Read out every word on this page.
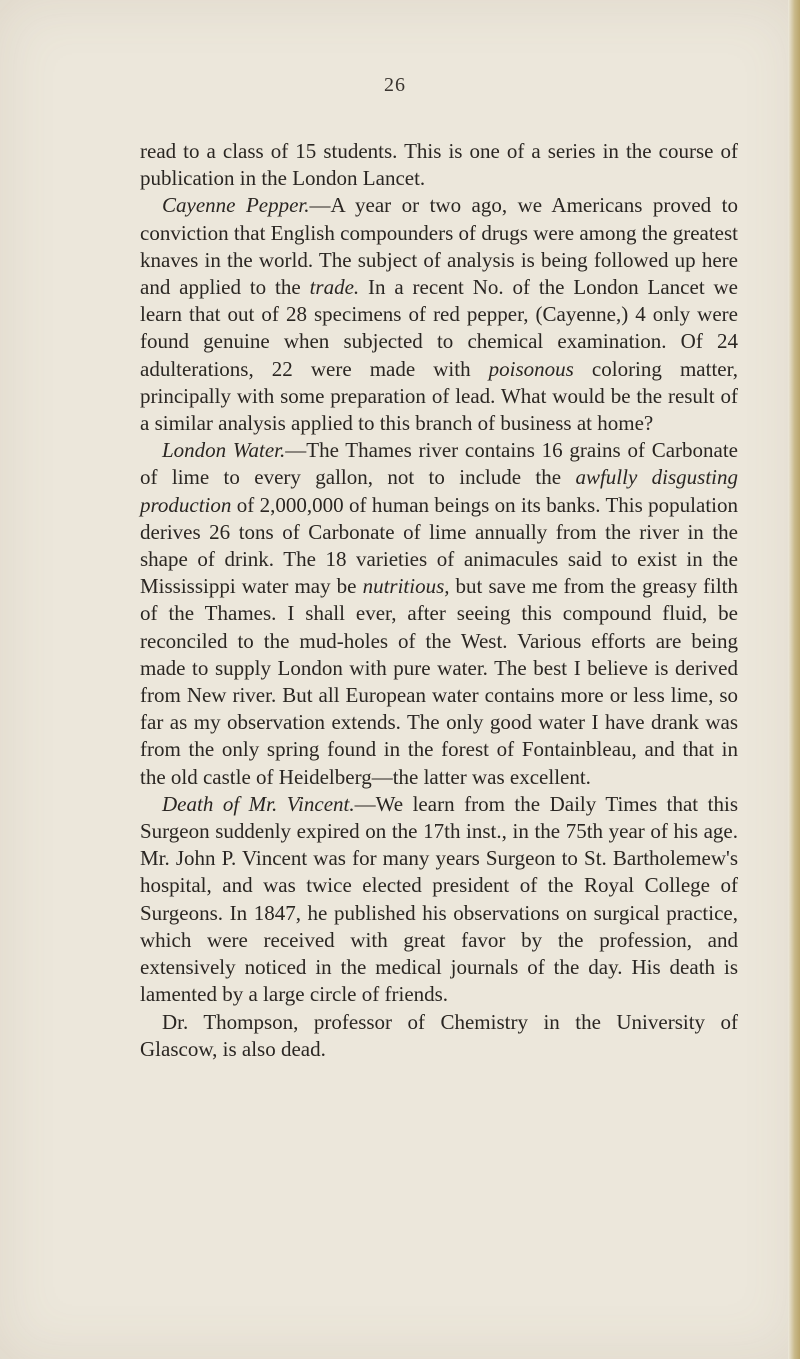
26

read to a class of 15 students. This is one of a series in the course of publication in the London Lancet.

Cayenne Pepper.—A year or two ago, we Americans proved to conviction that English compounders of drugs were among the greatest knaves in the world. The subject of analysis is being followed up here and applied to the trade. In a recent No. of the London Lancet we learn that out of 28 specimens of red pepper, (Cayenne,) 4 only were found genuine when subjected to chemical examination. Of 24 adulterations, 22 were made with poisonous coloring matter, principally with some preparation of lead. What would be the result of a similar analysis applied to this branch of business at home?

London Water.—The Thames river contains 16 grains of Carbonate of lime to every gallon, not to include the awfully disgusting production of 2,000,000 of human beings on its banks. This population derives 26 tons of Carbonate of lime annually from the river in the shape of drink. The 18 varieties of animacules said to exist in the Mississippi water may be nutritious, but save me from the greasy filth of the Thames. I shall ever, after seeing this compound fluid, be reconciled to the mud-holes of the West. Various efforts are being made to supply London with pure water. The best I believe is derived from New river. But all European water contains more or less lime, so far as my observation extends. The only good water I have drank was from the only spring found in the forest of Fontainbleau, and that in the old castle of Heidelberg—the latter was excellent.

Death of Mr. Vincent.—We learn from the Daily Times that this Surgeon suddenly expired on the 17th inst., in the 75th year of his age. Mr. John P. Vincent was for many years Surgeon to St. Bartholemew's hospital, and was twice elected president of the Royal College of Surgeons. In 1847, he published his observations on surgical practice, which were received with great favor by the profession, and extensively noticed in the medical journals of the day. His death is lamented by a large circle of friends.

Dr. Thompson, professor of Chemistry in the University of Glascow, is also dead.
